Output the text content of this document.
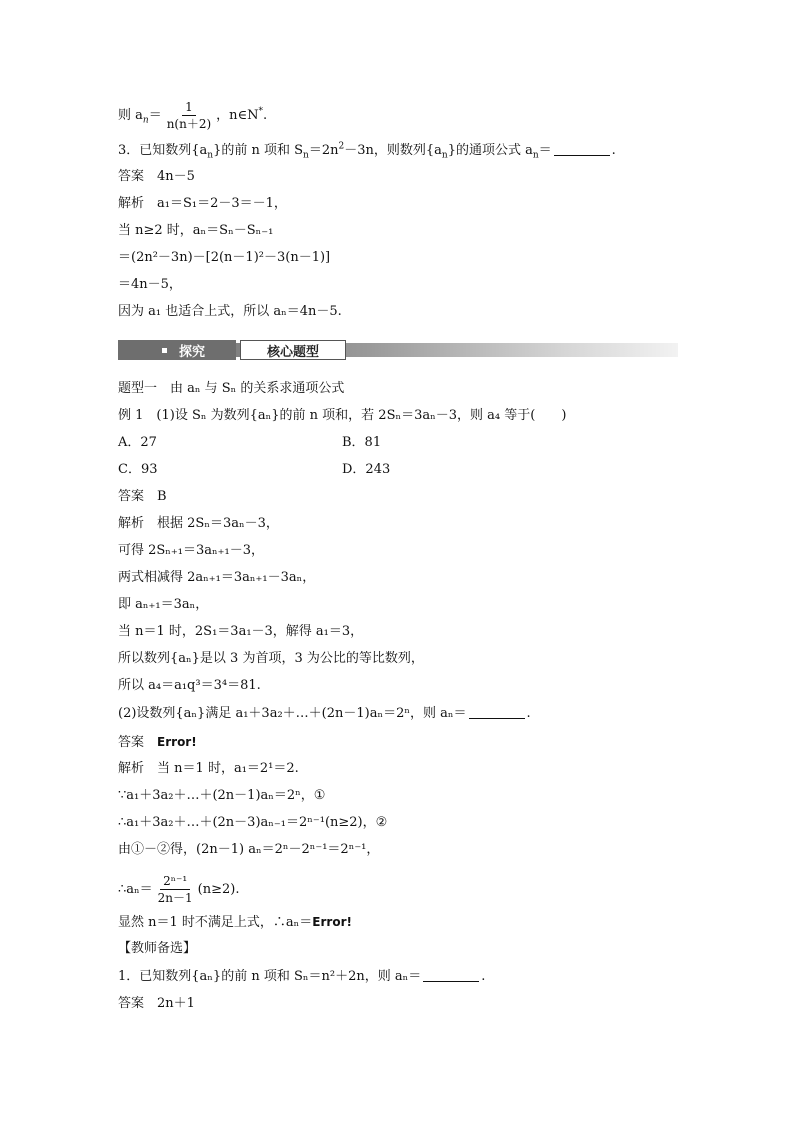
则 $a_n= \frac{1}{n(n+2)}$ ，n∈N*.
3．已知数列$\{a_n\}$的前 n 项和 $S_n=2n^2-3n$，则数列$\{a_n\}$的通项公式 $a_n=$	.
答案　 4n－5
解析　 a₁＝S₁＝2－3＝－1，
当 n≥2 时，aₙ＝Sₙ－Sₙ₋₁
＝(2n²－3n)－[2(n－1)²－3(n－1)]
＝4n－5，
因为 a₁ 也适合上式，所以 aₙ＝4n－5.
题型一　由 aₙ 与 Sₙ 的关系求通项公式
例 1　(1)设 Sₙ 为数列{aₙ}的前 n 项和，若 2Sₙ＝3aₙ－3，则 a₄ 等于(　　)
A．27	B．81
C．93	D．243
答案　 B
解析　 根据 2Sₙ＝3aₙ－3，
可得 2Sₙ₊₁＝3aₙ₊₁－3，
两式相减得 2aₙ₊₁＝3aₙ₊₁－3aₙ，
即 aₙ₊₁＝3aₙ，
当 n＝1 时，2S₁＝3a₁－3，解得 a₁＝3，
所以数列{aₙ}是以 3 为首项，3 为公比的等比数列，
所以 a₄＝a₁q³＝3⁴＝81.
(2)设数列{aₙ}满足 a₁＋3a₂＋…＋(2n－1)aₙ＝2ⁿ，则 aₙ＝	.
答案　 Error!
解析　 当 n＝1 时，a₁＝2¹＝2.
∵a₁＋3a₂＋…＋(2n－1)aₙ＝2ⁿ，①
∴a₁＋3a₂＋…＋(2n－3)aₙ₋₁＝2ⁿ⁻¹(n≥2)，②
由①－②得，(2n－1) aₙ＝2ⁿ－2ⁿ⁻¹＝2ⁿ⁻¹，
∴aₙ＝ $\frac{\text{2ⁿ⁻¹}}{2n-1} (n\ge 2)$.
显然 n＝1 时不满足上式，∴aₙ＝Error!
【教师备选】
1．已知数列{aₙ}的前 n 项和 Sₙ＝n²＋2n，则 aₙ＝	.
答案　 2n＋1
探究	核心题型
